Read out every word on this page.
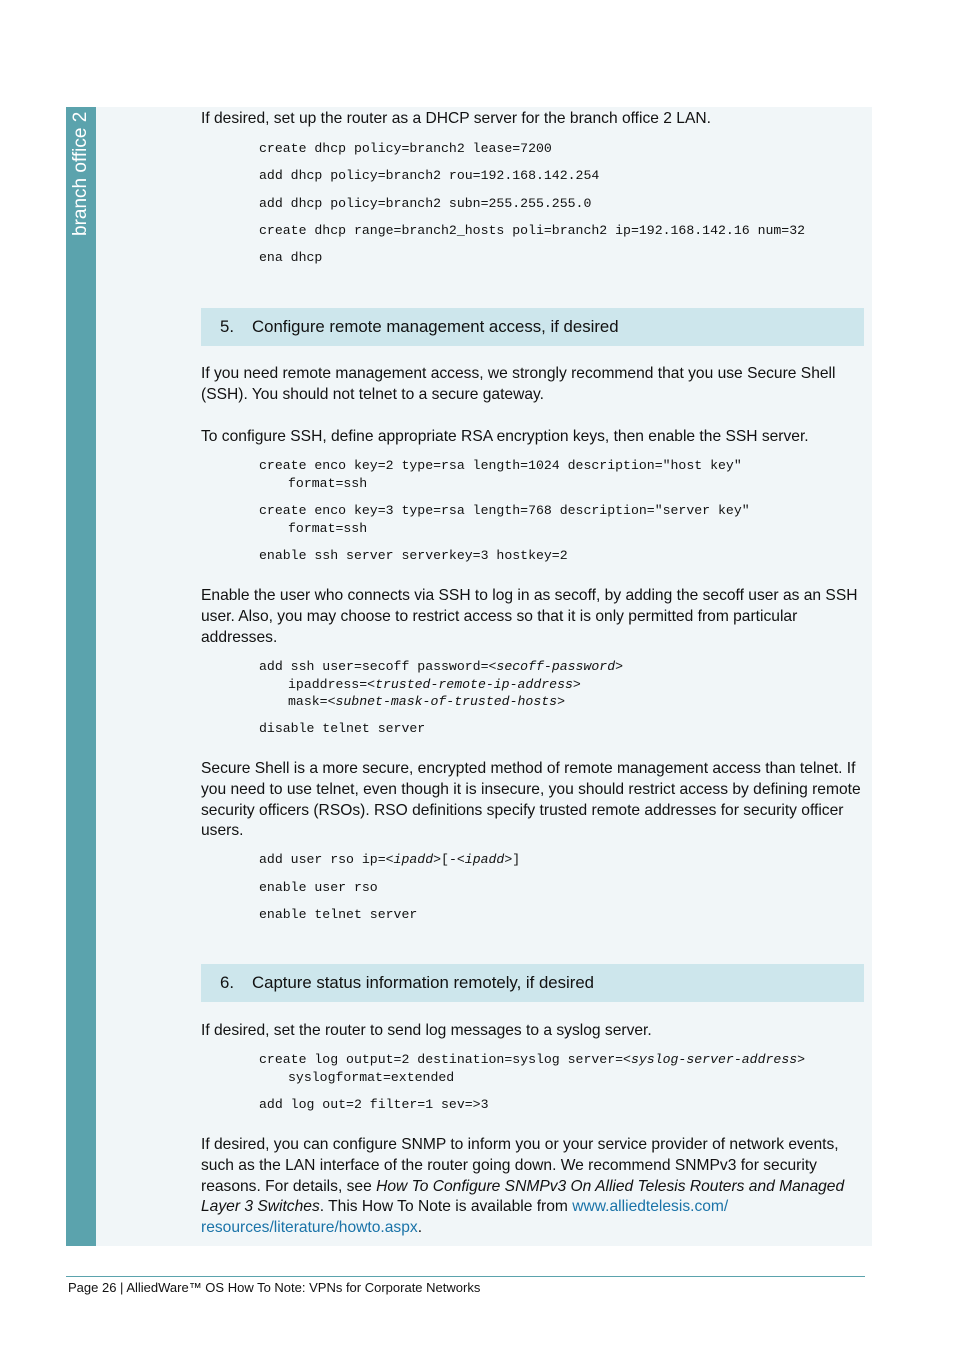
branch office 2	If desired, set up the router as a DHCP server for the branch office 2 LAN.

create dhcp policy=branch2 lease=7200
add dhcp policy=branch2 rou=192.168.142.254
add dhcp policy=branch2 subn=255.255.255.0
create dhcp range=branch2_hosts poli=branch2 ip=192.168.142.16 num=32
ena dhcp
5. Configure remote management access, if desired

If you need remote management access, we strongly recommend that you use Secure Shell (SSH). You should not telnet to a secure gateway.

To configure SSH, define appropriate RSA encryption keys, then enable the SSH server.

create enco key=2 type=rsa length=1024 description="host key"
format=ssh
create enco key=3 type=rsa length=768 description="server key"
format=ssh
enable ssh server serverkey=3 hostkey=2

Enable the user who connects via SSH to log in as secoff, by adding the secoff user as an SSH user. Also, you may choose to restrict access so that it is only permitted from particular addresses.

add ssh user=secoff password=<secoff-password>
ipaddress=<trusted-remote-ip-address>
mask=<subnet-mask-of-trusted-hosts>
disable telnet server

Secure Shell is a more secure, encrypted method of remote management access than telnet. If you need to use telnet, even though it is insecure, you should restrict access by defining remote security officers (RSOs). RSO definitions specify trusted remote addresses for security officer users.

add user rso ip=<ipadd>[-<ipadd>]
enable user rso
enable telnet server
6. Capture status information remotely, if desired

If desired, set the router to send log messages to a syslog server.

create log output=2 destination=syslog server=<syslog-server-address>
syslogformat=extended
add log out=2 filter=1 sev=>3

If desired, you can configure SNMP to inform you or your service provider of network events, such as the LAN interface of the router going down. We recommend SNMPv3 for security reasons. For details, see How To Configure SNMPv3 On Allied Telesis Routers and Managed Layer 3 Switches. This How To Note is available from www.alliedtelesis.com/
resources/literature/howto.aspx.

Page 26 | AlliedWare™ OS How To Note: VPNs for Corporate Networks
